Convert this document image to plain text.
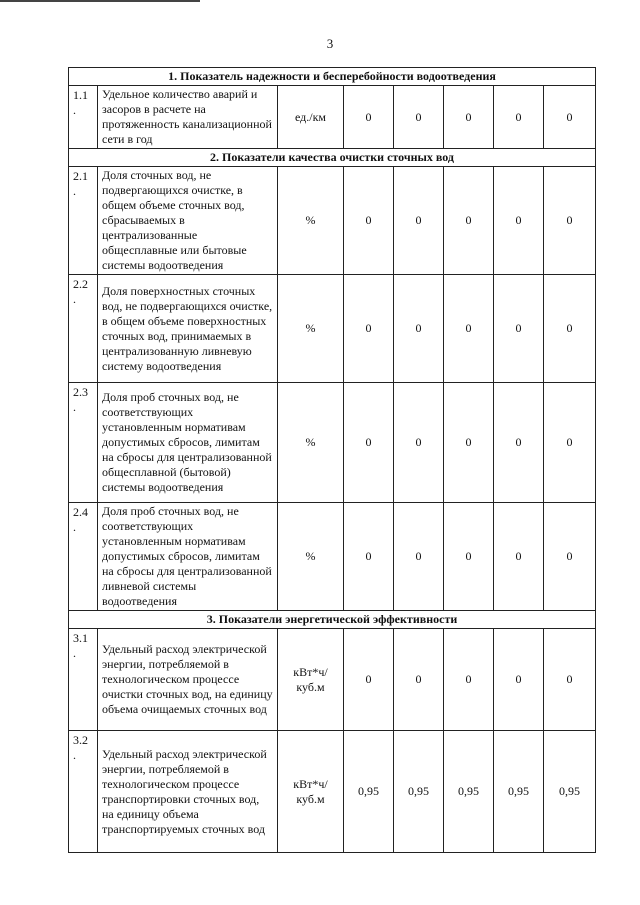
3
1. Показатель надежности и бесперебойности водоотведения							
1.1
.	Удельное количество аварий и засоров в расчете на протяженность канализационной сети в год	ед./км	0	0	0	0	0
2. Показатели качества очистки сточных вод							
2.1
.	Доля сточных вод, не подвергающихся очистке, в общем объеме сточных вод, сбрасываемых в централизованные общесплавные или бытовые системы водоотведения	%	0	0	0	0	0
2.2
.	Доля поверхностных сточных вод, не подвергающихся очистке, в общем объеме поверхностных сточных вод, принимаемых в централизованную ливневую систему водоотведения	%	0	0	0	0	0
2.3
.	Доля проб сточных вод, не соответствующих установленным нормативам допустимых сбросов, лимитам на сбросы для централизованной общесплавной (бытовой) системы водоотведения	%	0	0	0	0	0
2.4
.	Доля проб сточных вод, не соответствующих установленным нормативам допустимых сбросов, лимитам на сбросы для централизованной ливневой системы водоотведения	%	0	0	0	0	0
3. Показатели энергетической эффективности							
3.1
.	Удельный расход электрической энергии, потребляемой в технологическом процессе очистки сточных вод, на единицу объема очищаемых сточных вод	кВт*ч/
куб.м	0	0	0	0	0
3.2
.	Удельный расход электрической энергии, потребляемой в технологическом процессе транспортировки сточных вод, на единицу объема транспортируемых сточных вод	кВт*ч/
куб.м	0,95	0,95	0,95	0,95	0,95
